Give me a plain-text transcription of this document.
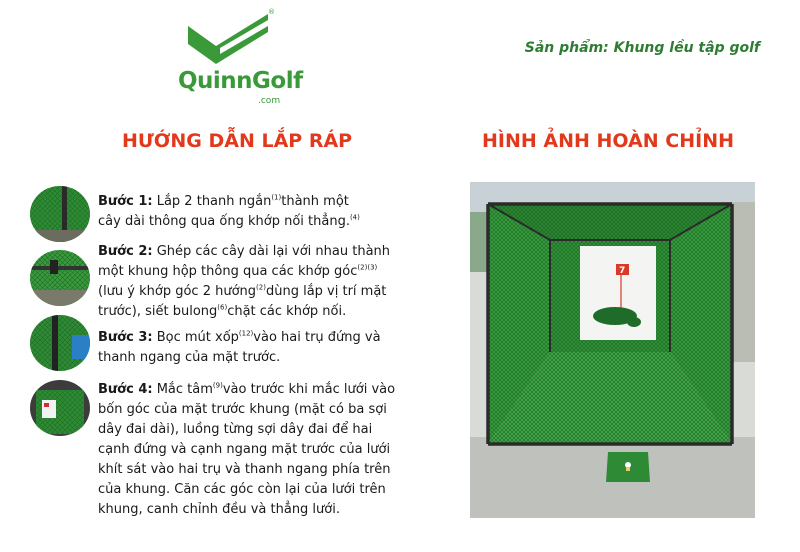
®
QuinnGolf
.com
Sản phẩm: Khung lều tập golf
HƯỚNG DẪN LẮP RÁP	HÌNH ẢNH HOÀN CHỈNH
Bước 1: Lắp 2 thanh ngắn$^{(1)}$thành một
cây dài thông qua ống khớp nối thẳng.$^{(4)}$
Bước 2: Ghép các cây dài lại với nhau thành
một khung hộp thông qua các khớp góc$^{(2)(3)}$
(lưu ý khớp góc 2 hướng$^{(2)}$dùng lắp vị trí mặt
trước), siết bulong$^{(6)}$chặt các khớp nối.
Bước 3: Bọc mút xốp$^{(12)}$vào hai trụ đứng và
thanh ngang của mặt trước.
Bước 4: Mắc tâm$^{(9)}$vào trước khi mắc lưới vào
bốn góc của mặt trước khung (mặt có ba sợi
dây đai dài), luồng từng sợi dây đai để hai
cạnh đứng và cạnh ngang mặt trước của lưới
khít sát vào hai trụ và thanh ngang phía trên
của khung. Căn các góc còn lại của lưới trên
khung, canh chỉnh đều và thẳng lưới.
7
